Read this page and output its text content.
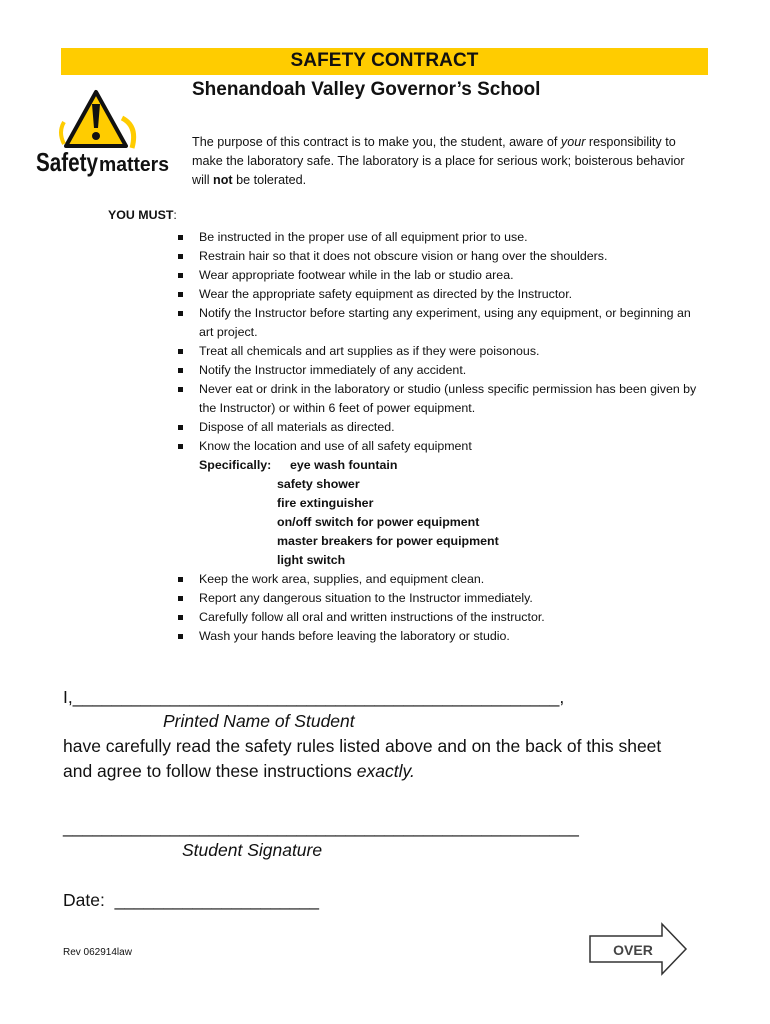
SAFETY CONTRACT
Shenandoah Valley Governor’s School
Safety matters
The purpose of this contract is to make you, the student, aware of your responsibility to make the laboratory safe. The laboratory is a place for serious work; boisterous behavior will not be tolerated.
YOU MUST:
Be instructed in the proper use of all equipment prior to use.
Restrain hair so that it does not obscure vision or hang over the shoulders.
Wear appropriate footwear while in the lab or studio area.
Wear the appropriate safety equipment as directed by the Instructor.
Notify the Instructor before starting any experiment, using any equipment, or beginning an art project.
Treat all chemicals and art supplies as if they were poisonous.
Notify the Instructor immediately of any accident.
Never eat or drink in the laboratory or studio (unless specific permission has been given by the Instructor) or within 6 feet of power equipment.
Dispose of all materials as directed.
Know the location and use of all safety equipment
Specifically:	eye wash fountain
safety shower
fire extinguisher
on/off switch for power equipment
master breakers for power equipment
light switch
Keep the work area, supplies, and equipment clean.
Report any dangerous situation to the Instructor immediately.
Carefully follow all oral and written instructions of the instructor.
Wash your hands before leaving the laboratory or studio.
I,__________________________________________________,
Printed Name of Student
have carefully read the safety rules listed above and on the back of this sheet
and agree to follow these instructions exactly.
_____________________________________________________
Student Signature
Date: _____________________
Rev 062914law	OVER
